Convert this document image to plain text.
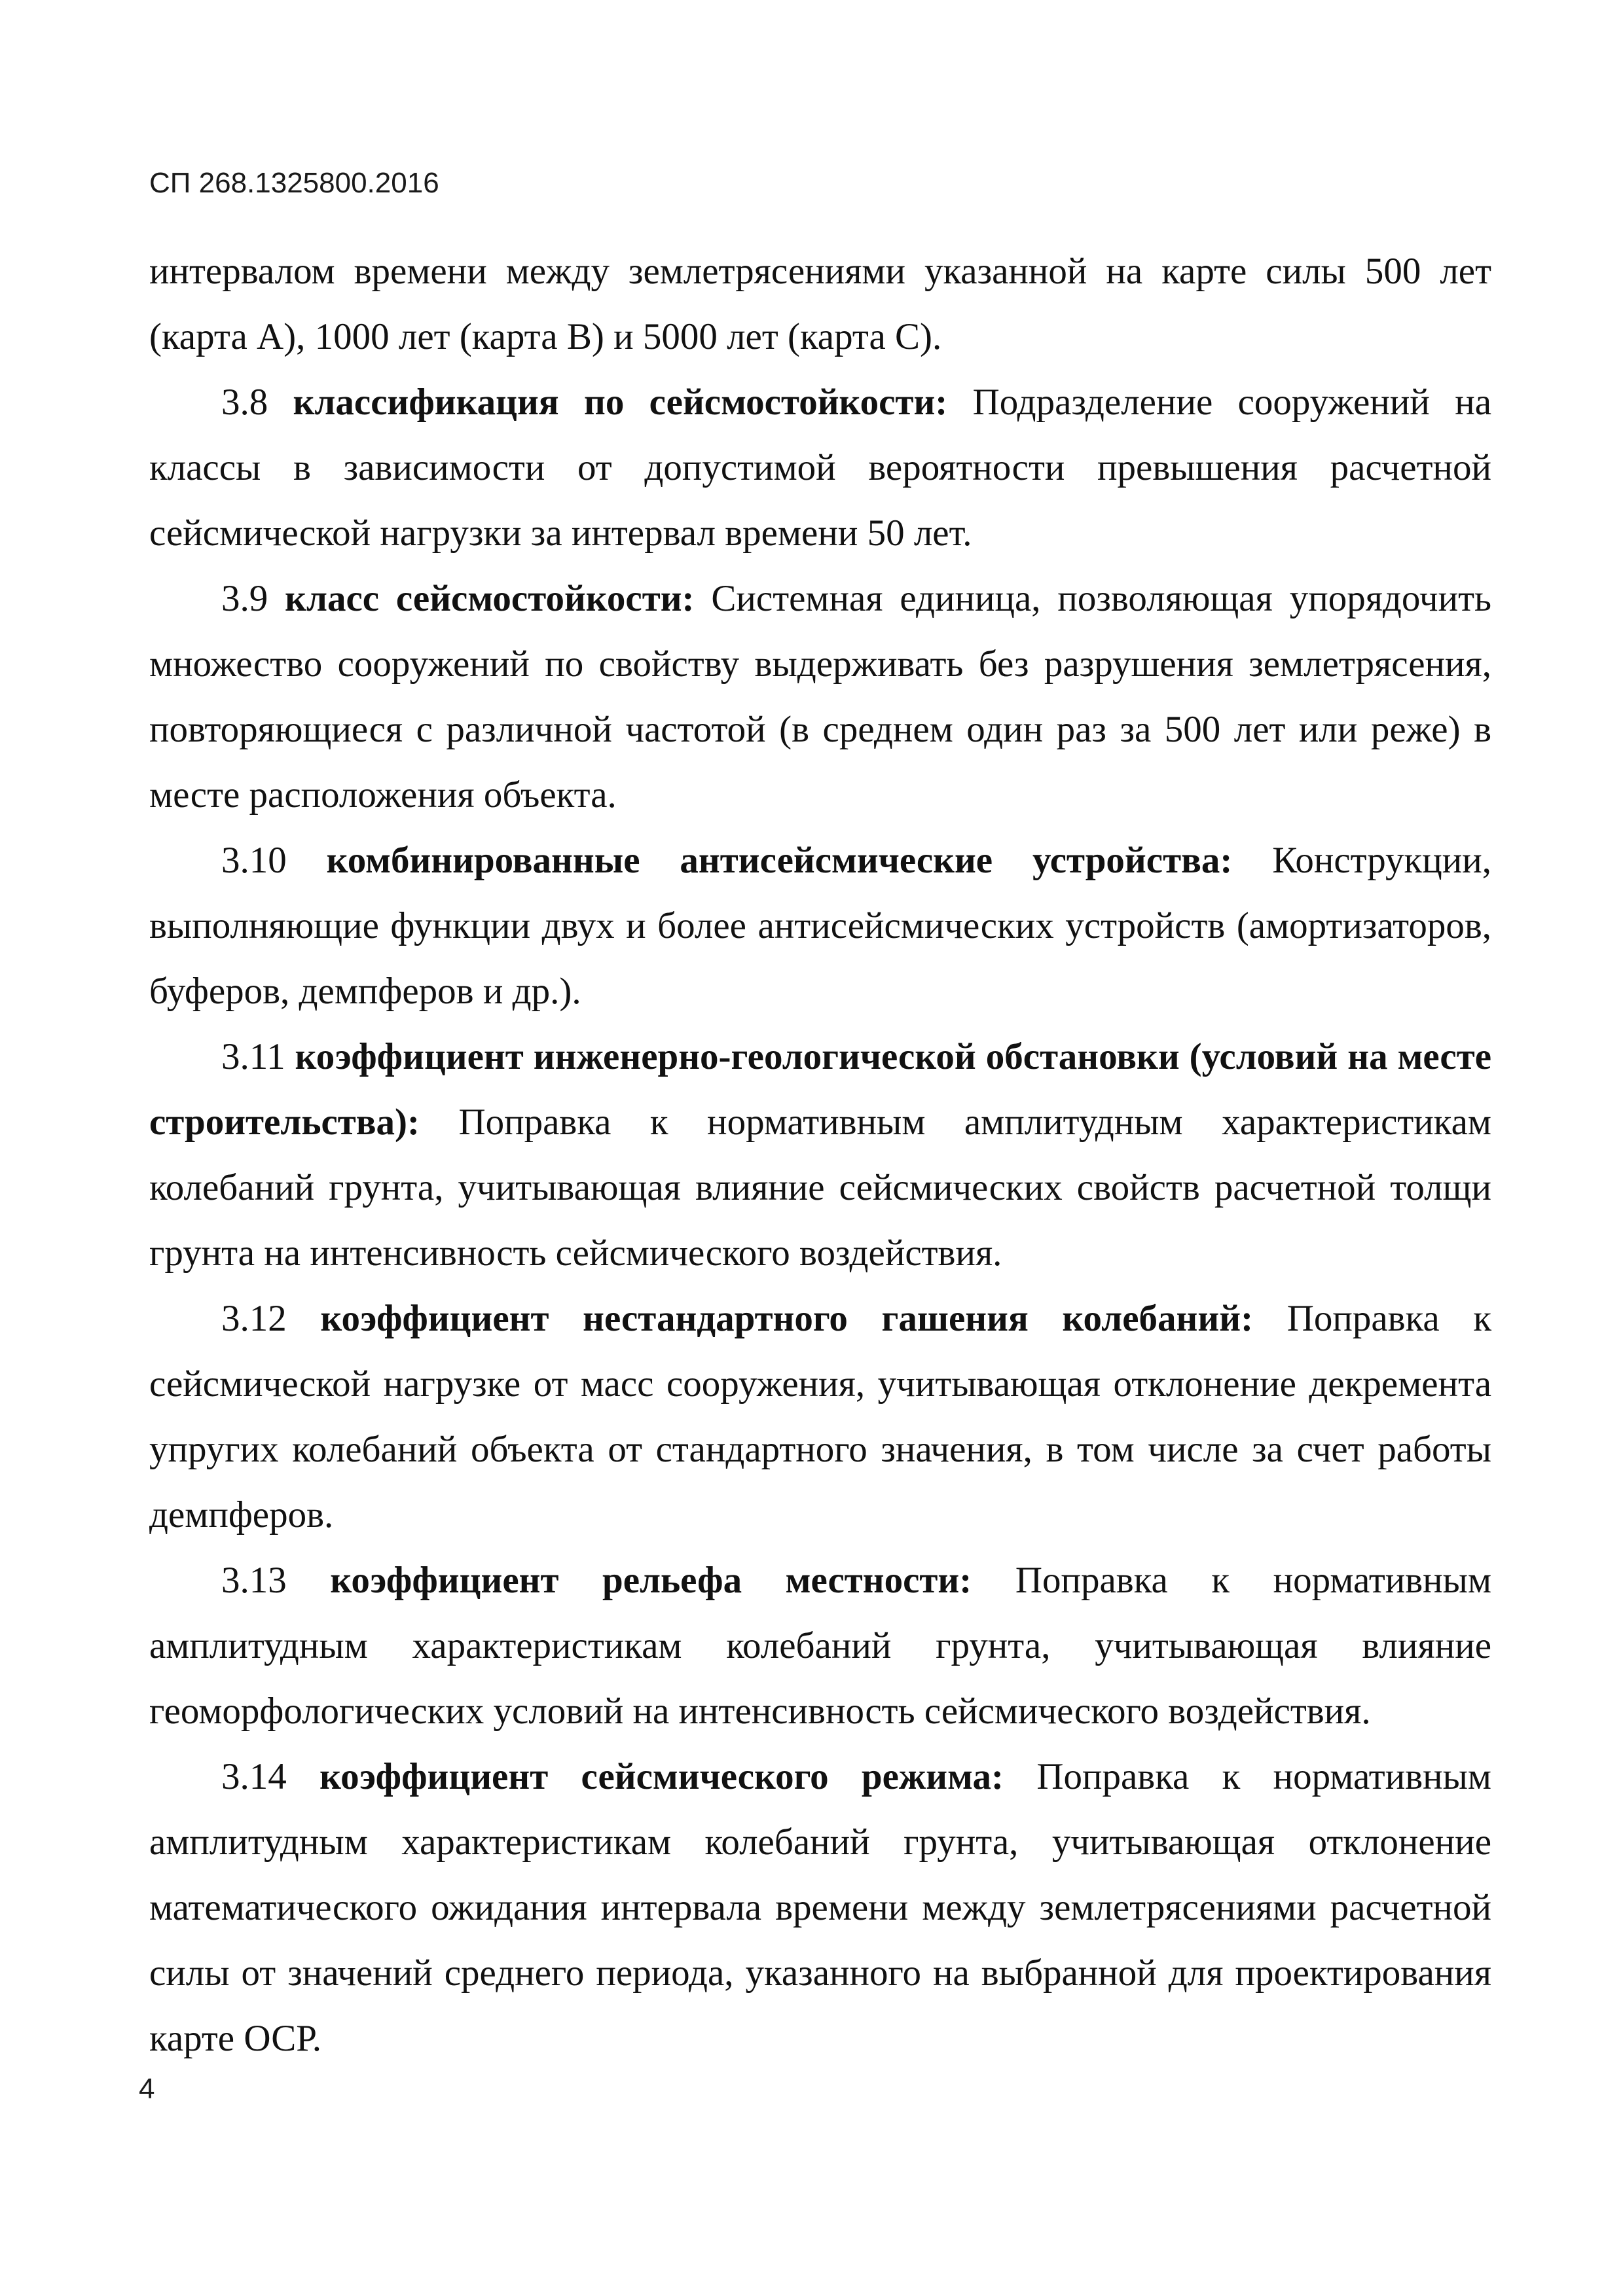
СП 268.1325800.2016

интервалом времени между землетрясениями указанной на карте силы 500 лет (карта A), 1000 лет (карта B) и 5000 лет (карта C).

3.8 классификация по сейсмостойкости: Подразделение сооружений на классы в зависимости от допустимой вероятности превышения расчетной сейсмической нагрузки за интервал времени 50 лет.

3.9 класс сейсмостойкости: Системная единица, позволяющая упорядочить множество сооружений по свойству выдерживать без разрушения землетрясения, повторяющиеся с различной частотой (в среднем один раз за 500 лет или реже) в месте расположения объекта.

3.10 комбинированные антисейсмические устройства: Конструкции, выполняющие функции двух и более антисейсмических устройств (амортизаторов, буферов, демпферов и др.).

3.11 коэффициент инженерно-геологической обстановки (условий на месте строительства): Поправка к нормативным амплитудным характеристикам колебаний грунта, учитывающая влияние сейсмических свойств расчетной толщи грунта на интенсивность сейсмического воздействия.

3.12 коэффициент нестандартного гашения колебаний: Поправка к сейсмической нагрузке от масс сооружения, учитывающая отклонение декремента упругих колебаний объекта от стандартного значения, в том числе за счет работы демпферов.

3.13 коэффициент рельефа местности: Поправка к нормативным амплитудным характеристикам колебаний грунта, учитывающая влияние геоморфологических условий на интенсивность сейсмического воздействия.

3.14 коэффициент сейсмического режима: Поправка к нормативным амплитудным характеристикам колебаний грунта, учитывающая отклонение математического ожидания интервала времени между землетрясениями расчетной силы от значений среднего периода, указанного на выбранной для проектирования карте ОСР.

4
